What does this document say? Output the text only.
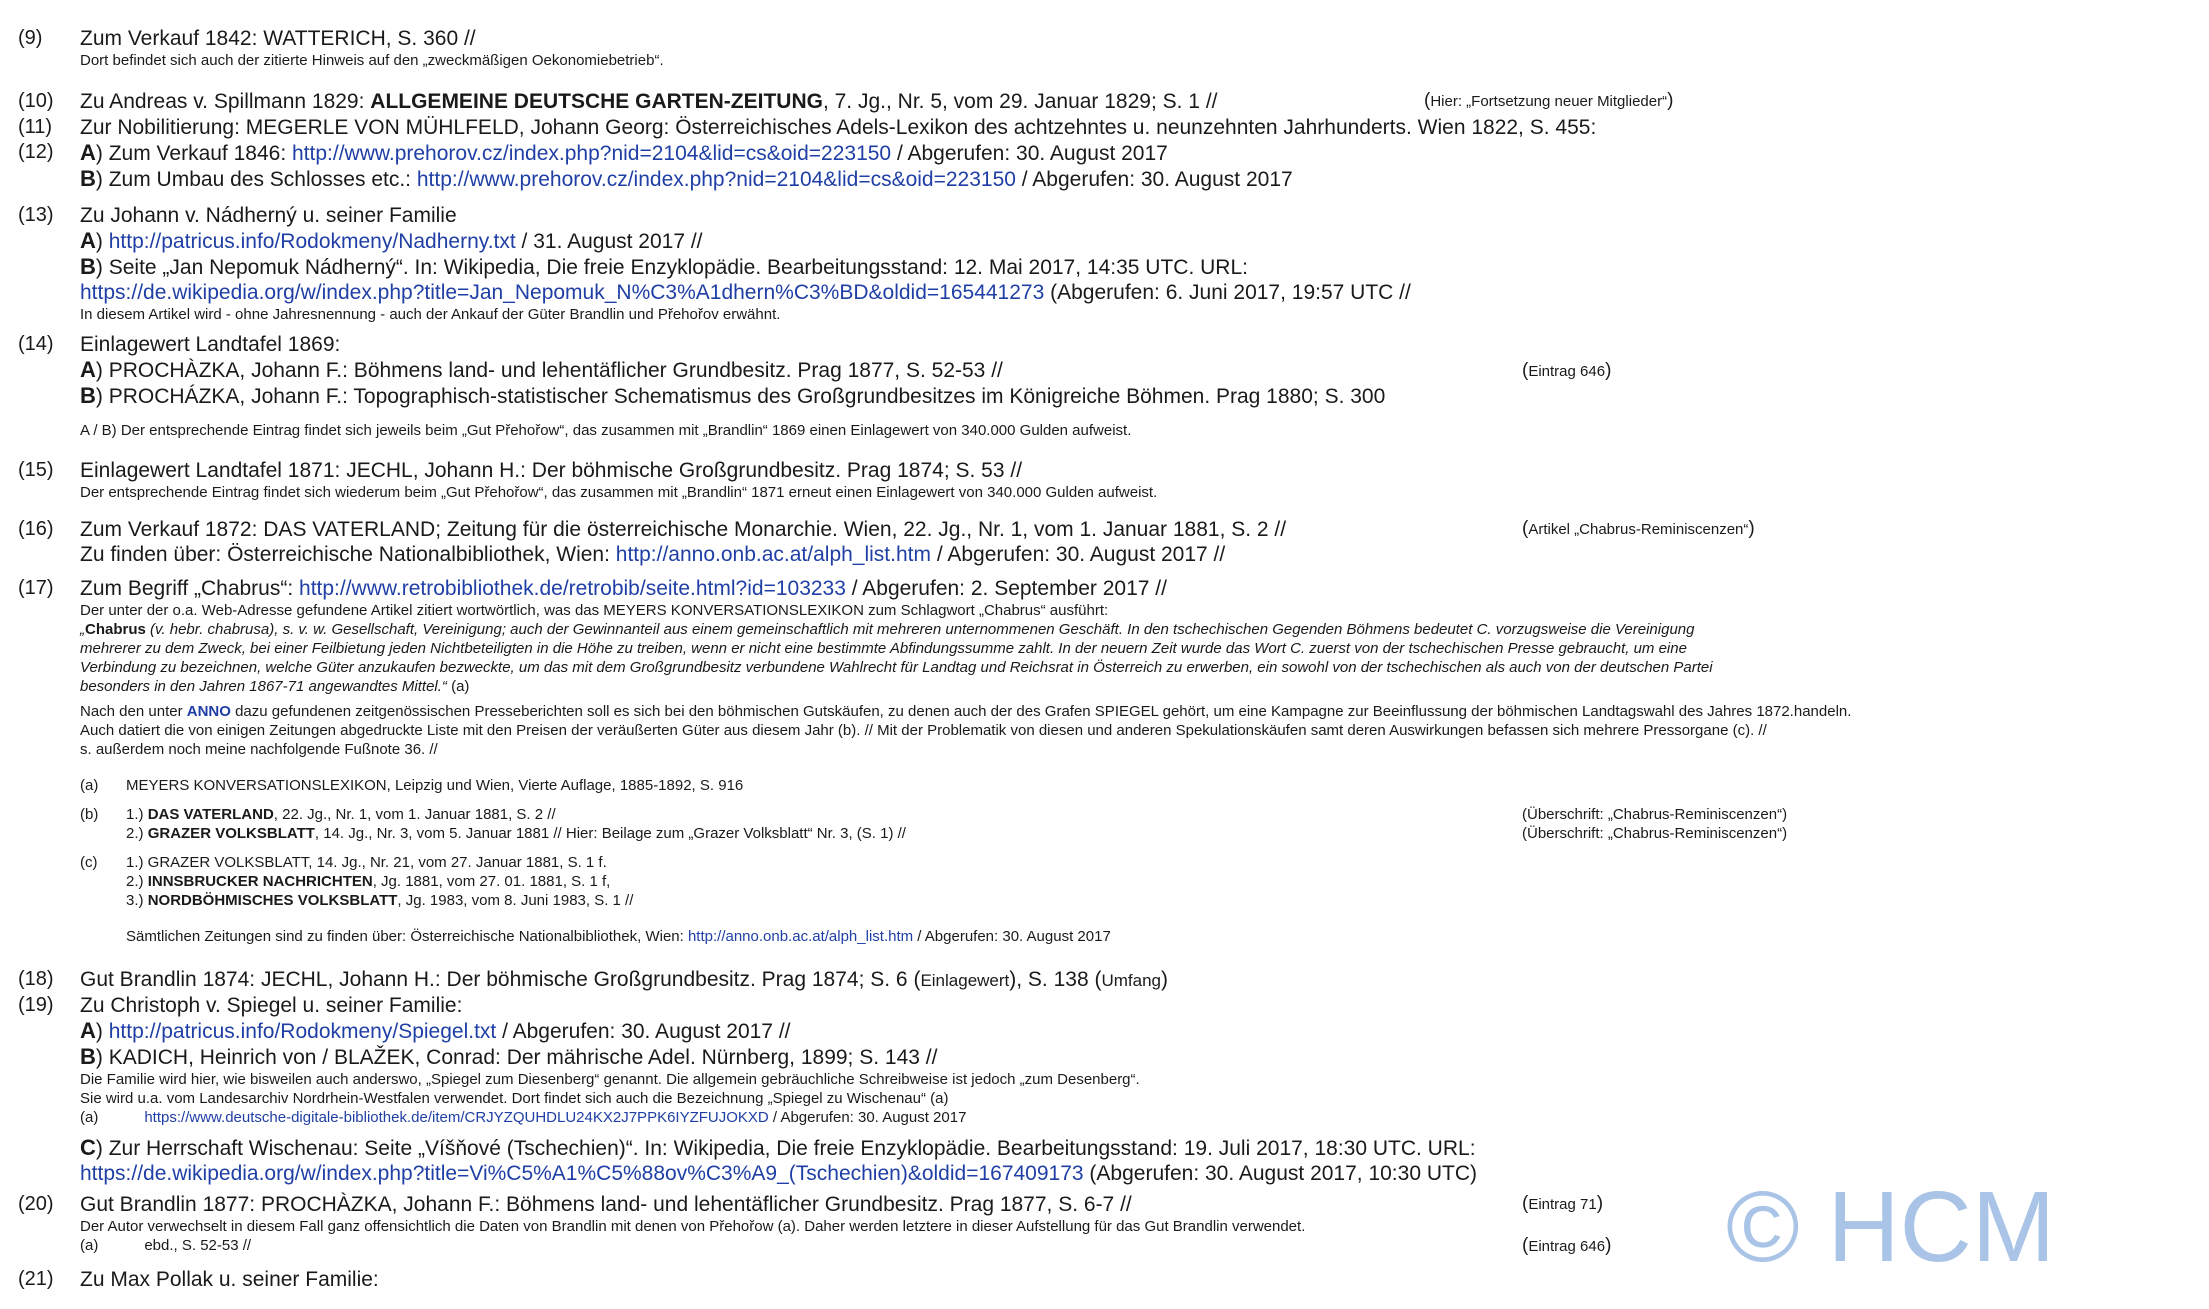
(9) Zum Verkauf 1842: WATTERICH, S. 360 //
Dort befindet sich auch der zitierte Hinweis auf den „zweckmäßigen Oekonomiebetrieb“.
(10) Zu Andreas v. Spillmann 1829: ALLGEMEINE DEUTSCHE GARTEN-ZEITUNG, 7. Jg., Nr. 5, vom 29. Januar 1829; S. 1 //	(Hier: „Fortsetzung neuer Mitglieder“)
(11) Zur Nobilitierung: MEGERLE VON MÜHLFELD, Johann Georg: Österreichisches Adels-Lexikon des achtzehntes u. neunzehnten Jahrhunderts. Wien 1822, S. 455:
(12) A) Zum Verkauf 1846: http://www.prehorov.cz/index.php?nid=2104&lid=cs&oid=223150 / Abgerufen: 30. August 2017
B) Zum Umbau des Schlosses etc.: http://www.prehorov.cz/index.php?nid=2104&lid=cs&oid=223150 / Abgerufen: 30. August 2017
(13) Zu Johann v. Nádherný u. seiner Familie
A) http://patricus.info/Rodokmeny/Nadherny.txt / 31. August 2017 //
B) Seite „Jan Nepomuk Nádherný“. In: Wikipedia, Die freie Enzyklopädie. Bearbeitungsstand: 12. Mai 2017, 14:35 UTC. URL:
https://de.wikipedia.org/w/index.php?title=Jan_Nepomuk_N%C3%A1dhern%C3%BD&oldid=165441273 (Abgerufen: 6. Juni 2017, 19:57 UTC //
In diesem Artikel wird - ohne Jahresnennung - auch der Ankauf der Güter Brandlin und Přehořov erwähnt.
(14) Einlagewert Landtafel 1869:
A) PROCHÀZKA, Johann F.: Böhmens land- und lehentäflicher Grundbesitz. Prag 1877, S. 52-53 //
B) PROCHÁZKA, Johann F.: Topographisch-statistischer Schematismus des Großgrundbesitzes im Königreiche Böhmen. Prag 1880; S. 300
A / B) Der entsprechende Eintrag findet sich jeweils beim „Gut Přehořow“, das zusammen mit „Brandlin“ 1869 einen Einlagewert von 340.000 Gulden aufweist.
(Eintrag 646)
(15) Einlagewert Landtafel 1871: JECHL, Johann H.: Der böhmische Großgrundbesitz. Prag 1874; S. 53 //
Der entsprechende Eintrag findet sich wiederum beim „Gut Přehořow“, das zusammen mit „Brandlin“ 1871 erneut einen Einlagewert von 340.000 Gulden aufweist.
(16) Zum Verkauf 1872: DAS VATERLAND; Zeitung für die österreichische Monarchie. Wien, 22. Jg., Nr. 1, vom 1. Januar 1881, S. 2 //
Zu finden über: Österreichische Nationalbibliothek, Wien: http://anno.onb.ac.at/alph_list.htm / Abgerufen: 30. August 2017 //
(Artikel „Chabrus-Reminiscenzen“)
(17) Zum Begriff „Chabrus“: http://www.retrobibliothek.de/retrobib/seite.html?id=103233 / Abgerufen: 2. September 2017 //
Der unter der o.a. Web-Adresse gefundene Artikel zitiert wortwörtlich, was das MEYERS KONVERSATIONSLEXIKON zum Schlagwort „Chabrus“ ausführt:
„Chabrus (v. hebr. chabrusa), s. v. w. Gesellschaft, Vereinigung; auch der Gewinnanteil aus einem gemeinschaftlich mit mehreren unternommenen Geschäft. In den tschechischen Gegenden Böhmens bedeutet C. vorzugsweise die Vereinigung
mehrerer zu dem Zweck, bei einer Feilbietung jeden Nichtbeteiligten in die Höhe zu treiben, wenn er nicht eine bestimmte Abfindungssumme zahlt. In der neuern Zeit wurde das Wort C. zuerst von der tschechischen Presse gebraucht, um eine
Verbindung zu bezeichnen, welche Güter anzukaufen bezweckte, um das mit dem Großgrundbesitz verbundene Wahlrecht für Landtag und Reichsrat in Österreich zu erwerben, ein sowohl von der tschechischen als auch von der deutschen Partei
besonders in den Jahren 1867-71 angewandtes Mittel.“ (a)
Nach den unter ANNO dazu gefundenen zeitgenössischen Presseberichten soll es sich bei den böhmischen Gutskäufen, zu denen auch der des Grafen SPIEGEL gehört, um eine Kampagne zur Beeinflussung der böhmischen Landtagswahl des Jahres 1872.handeln.
Auch datiert die von einigen Zeitungen abgedruckte Liste mit den Preisen der veräußerten Güter aus diesem Jahr (b). // Mit der Problematik von diesen und anderen Spekulationskäufen samt deren Auswirkungen befassen sich mehrere Pressorgane (c). //
s. außerdem noch meine nachfolgende Fußnote 36. //
(a) MEYERS KONVERSATIONSLEXIKON, Leipzig und Wien, Vierte Auflage, 1885-1892, S. 916
(b) 1.) DAS VATERLAND, 22. Jg., Nr. 1, vom 1. Januar 1881, S. 2 //	(Überschrift: „Chabrus-Reminiscenzen“)
2.) GRAZER VOLKSBLATT, 14. Jg., Nr. 3, vom 5. Januar 1881 // Hier: Beilage zum „Grazer Volksblatt“ Nr. 3, (S. 1) //	(Überschrift: „Chabrus-Reminiscenzen“)
(c) 1.) GRAZER VOLKSBLATT, 14. Jg., Nr. 21, vom 27. Januar 1881, S. 1 f.
2.) INNSBRUCKER NACHRICHTEN, Jg. 1881, vom 27. 01. 1881, S. 1 f,
3.) NORDBÖHMISCHES VOLKSBLATT, Jg. 1983, vom 8. Juni 1983, S. 1 //
Sämtlichen Zeitungen sind zu finden über: Österreichische Nationalbibliothek, Wien: http://anno.onb.ac.at/alph_list.htm / Abgerufen: 30. August 2017
(18) Gut Brandlin 1874: JECHL, Johann H.: Der böhmische Großgrundbesitz. Prag 1874; S. 6 (Einlagewert), S. 138 (Umfang)
(19) Zu Christoph v. Spiegel u. seiner Familie:
A) http://patricus.info/Rodokmeny/Spiegel.txt / Abgerufen: 30. August 2017 //
B) KADICH, Heinrich von / BLAŽEK, Conrad: Der mährische Adel. Nürnberg, 1899; S. 143 //
Die Familie wird hier, wie bisweilen auch anderswo, „Spiegel zum Diesenberg“ genannt. Die allgemein gebräuchliche Schreibweise ist jedoch „zum Desenberg“.
Sie wird u.a. vom Landesarchiv Nordrhein-Westfalen verwendet. Dort findet sich auch die Bezeichnung „Spiegel zu Wischenau“ (a)
(a)	https://www.deutsche-digitale-bibliothek.de/item/CRJYZQUHDLU24KX2J7PPK6IYZFUJOKXD / Abgerufen: 30. August 2017
C) Zur Herrschaft Wischenau: Seite „Víšňové (Tschechien)“. In: Wikipedia, Die freie Enzyklopädie. Bearbeitungsstand: 19. Juli 2017, 18:30 UTC. URL:
https://de.wikipedia.org/w/index.php?title=Vi%C5%A1%C5%88ov%C3%A9_(Tschechien)&oldid=167409173 (Abgerufen: 30. August 2017, 10:30 UTC)
(20) Gut Brandlin 1877: PROCHÀZKA, Johann F.: Böhmens land- und lehentäflicher Grundbesitz. Prag 1877, S. 6-7 //
Der Autor verwechselt in diesem Fall ganz offensichtlich die Daten von Brandlin mit denen von Přehořow (a). Daher werden letztere in dieser Aufstellung für das Gut Brandlin verwendet.
(a)	ebd., S. 52-53 //
(Eintrag 71)
(Eintrag 646)
(21) Zu Max Pollak u. seiner Familie:	© HCM
